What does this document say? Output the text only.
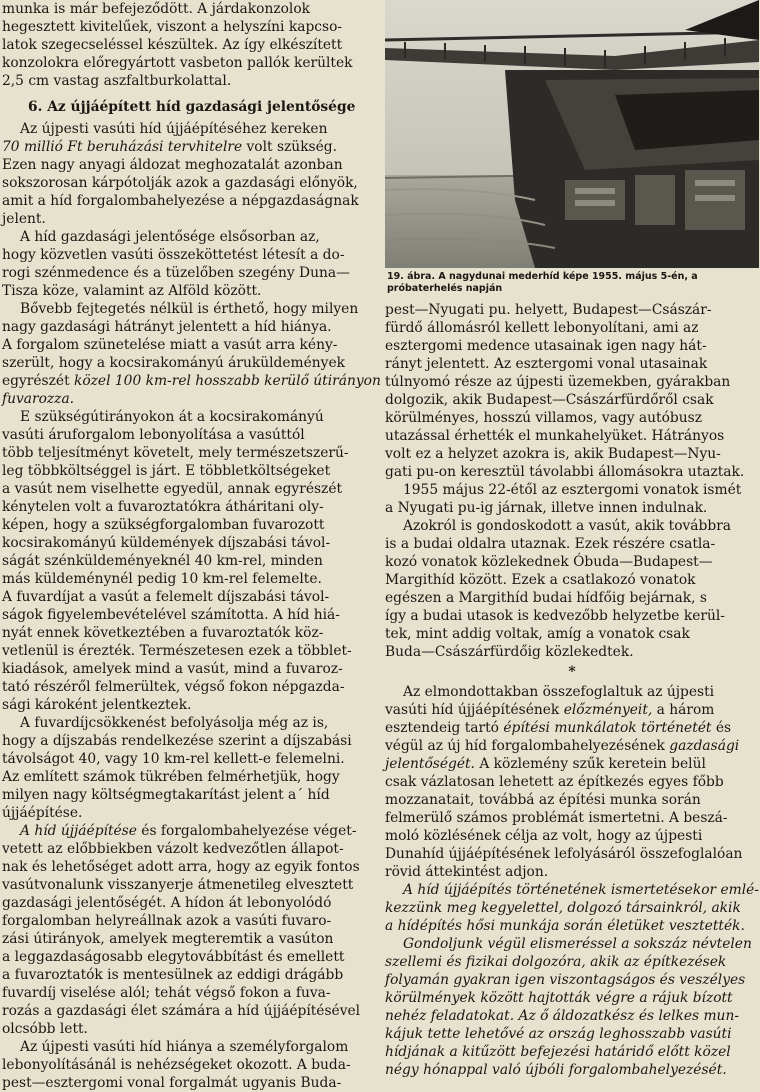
munka is már befejeződött. A járdakonzolok
hegesztett kivitelűek, viszont a helyszíni kapcso-
latok szegecseléssel készültek. Az így elkészített
konzolokra előregyártott vasbeton pallók kerültek
2,5 cm vastag aszfaltburkolattal.
6. Az újjáépített híd gazdasági jelentősége
Az újpesti vasúti híd újjáépítéséhez kereken
70 millió Ft beruházási tervhitelre volt szükség.
Ezen nagy anyagi áldozat meghozatalát azonban
sokszorosan kárpótolják azok a gazdasági előnyök,
amit a híd forgalombahelyezése a népgazdaságnak
jelent.
A híd gazdasági jelentősége elsősorban az,
hogy közvetlen vasúti összeköttetést létesít a do-
rogi szénmedence és a tüzelőben szegény Duna—
Tisza köze, valamint az Alföld között.
Bővebb fejtegetés nélkül is érthető, hogy milyen
nagy gazdasági hátrányt jelentett a híd hiánya.
A forgalom szünetelése miatt a vasút arra kény-
szerült, hogy a kocsirakományú áruküldemények
egyrészét közel 100 km-rel hosszabb kerülő útirányon
fuvarozza.
E szükségútirányokon át a kocsirakományú
vasúti áruforgalom lebonyolítása a vasúttól
több teljesítményt követelt, mely természetszerű-
leg többköltséggel is járt. E többletköltségeket
a vasút nem viselhette egyedül, annak egyrészét
kénytelen volt a fuvaroztatókra átháritani oly-
képen, hogy a szükségforgalomban fuvarozott
kocsirakományú küldemények díjszabási távol-
ságát szénküldeményeknél 40 km-rel, minden
más küldeménynél pedig 10 km-rel felemelte.
A fuvardíjat a vasút a felemelt díjszabási távol-
ságok figyelembevételével számította. A híd hiá-
nyát ennek következtében a fuvaroztatók köz-
vetlenül is érezték. Természetesen ezek a többlet-
kiadások, amelyek mind a vasút, mind a fuvaroz-
tató részéről felmerültek, végső fokon népgazda-
sági károként jelentkeztek.
A fuvardíjcsökkenést befolyásolja még az is,
hogy a díjszabás rendelkezése szerint a díjszabási
távolságot 40, vagy 10 km-rel kellett-e felemelni.
Az említett számok tükrében felmérhetjük, hogy
milyen nagy költségmegtakarítást jelent a´ híd
újjáépítése.
A híd újjáépítése és forgalombahelyezése véget-
vetett az előbbiekben vázolt kedvezőtlen állapot-
nak és lehetőséget adott arra, hogy az egyik fontos
vasútvonalunk visszanyerje átmenetileg elvesztett
gazdasági jelentőségét. A hídon át lebonyolódó
forgalomban helyreállnak azok a vasúti fuvaro-
zási útirányok, amelyek megteremtik a vasúton
a leggazdaságosabb elegytovábbítást és emellett
a fuvaroztatók is mentesülnek az eddigi drágább
fuvardíj viselése alól; tehát végső fokon a fuva-
rozás a gazdasági élet számára a híd újjáépítésével
olcsóbb lett.
Az újpesti vasúti híd hiánya a személyforgalom
lebonyolításánál is nehézségeket okozott. A buda-
pest—esztergomi vonal forgalmát ugyanis Buda-
19. ábra. A nagydunai mederhíd képe 1955. május 5-én, a próbaterhelés napján
pest—Nyugati pu. helyett, Budapest—Császár-
fürdő állomásról kellett lebonyolítani, ami az
esztergomi medence utasainak igen nagy hát-
rányt jelentett. Az esztergomi vonal utasainak
túlnyomó része az újpesti üzemekben, gyárakban
dolgozik, akik Budapest—Császárfürdőről csak
körülményes, hosszú villamos, vagy autóbusz
utazással érhették el munkahelyüket. Hátrányos
volt ez a helyzet azokra is, akik Budapest—Nyu-
gati pu-on keresztül távolabbi állomásokra utaztak.
1955 május 22-étől az esztergomi vonatok ismét
a Nyugati pu-ig járnak, illetve innen indulnak.
Azokról is gondoskodott a vasút, akik továbbra
is a budai oldalra utaznak. Ezek részére csatla-
kozó vonatok közlekednek Óbuda—Budapest—
Margithíd között. Ezek a csatlakozó vonatok
egészen a Margithíd budai hídfőig bejárnak, s
így a budai utasok is kedvezőbb helyzetbe kerül-
tek, mint addig voltak, amíg a vonatok csak
Buda—Császárfürdőig közlekedtek.
*
Az elmondottakban összefoglaltuk az újpesti
vasúti híd újjáépítésének előzményeit, a három
esztendeig tartó építési munkálatok történetét és
végül az új híd forgalombahelyezésének gazdasági
jelentőségét. A közlemény szűk keretein belül
csak vázlatosan lehetett az építkezés egyes főbb
mozzanatait, továbbá az építési munka során
felmerülő számos problémát ismertetni. A beszá-
moló közlésének célja az volt, hogy az újpesti
Dunahíd újjáépítésének lefolyásáról összefoglalóan
rövid áttekintést adjon.
A híd újjáépítés történetének ismertetésekor emlé-
kezzünk meg kegyelettel, dolgozó társainkról, akik
a hídépítés hősi munkája során életüket vesztették.
Gondoljunk végül elismeréssel a sokszáz névtelen
szellemi és fizikai dolgozóra, akik az építkezések
folyamán gyakran igen viszontagságos és veszélyes
körülmények között hajtották végre a rájuk bízott
nehéz feladatokat. Az ő áldozatkész és lelkes mun-
kájuk tette lehetővé az ország leghosszabb vasúti
hídjának a kitűzött befejezési határidő előtt közel
négy hónappal való újbóli forgalombahelyezését.
